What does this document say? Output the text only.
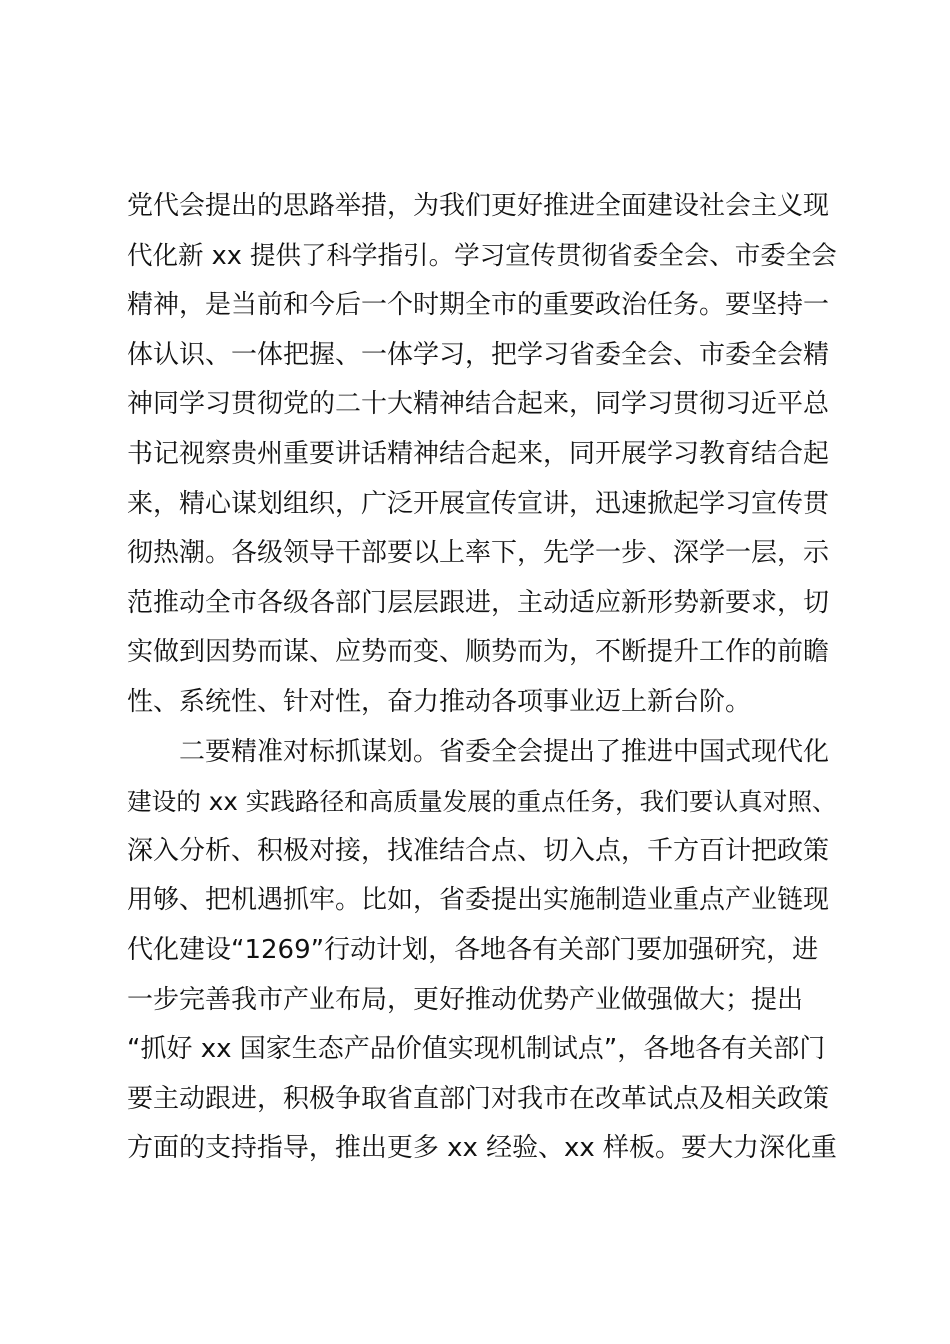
党代会提出的思路举措，为我们更好推进全面建设社会主义现
代化新 xx 提供了科学指引。学习宣传贯彻省委全会、市委全会
精神，是当前和今后一个时期全市的重要政治任务。要坚持一
体认识、一体把握、一体学习，把学习省委全会、市委全会精
神同学习贯彻党的二十大精神结合起来，同学习贯彻习近平总
书记视察贵州重要讲话精神结合起来，同开展学习教育结合起
来，精心谋划组织，广泛开展宣传宣讲，迅速掀起学习宣传贯
彻热潮。各级领导干部要以上率下，先学一步、深学一层，示
范推动全市各级各部门层层跟进，主动适应新形势新要求，切
实做到因势而谋、应势而变、顺势而为，不断提升工作的前瞻
性、系统性、针对性，奋力推动各项事业迈上新台阶。
二要精准对标抓谋划。省委全会提出了推进中国式现代化
建设的 xx 实践路径和高质量发展的重点任务，我们要认真对照、
深入分析、积极对接，找准结合点、切入点，千方百计把政策
用够、把机遇抓牢。比如，省委提出实施制造业重点产业链现
代化建设“1269”行动计划，各地各有关部门要加强研究，进
一步完善我市产业布局，更好推动优势产业做强做大；提出
“抓好 xx 国家生态产品价值实现机制试点”，各地各有关部门
要主动跟进，积极争取省直部门对我市在改革试点及相关政策
方面的支持指导，推出更多 xx 经验、xx 样板。要大力深化重
